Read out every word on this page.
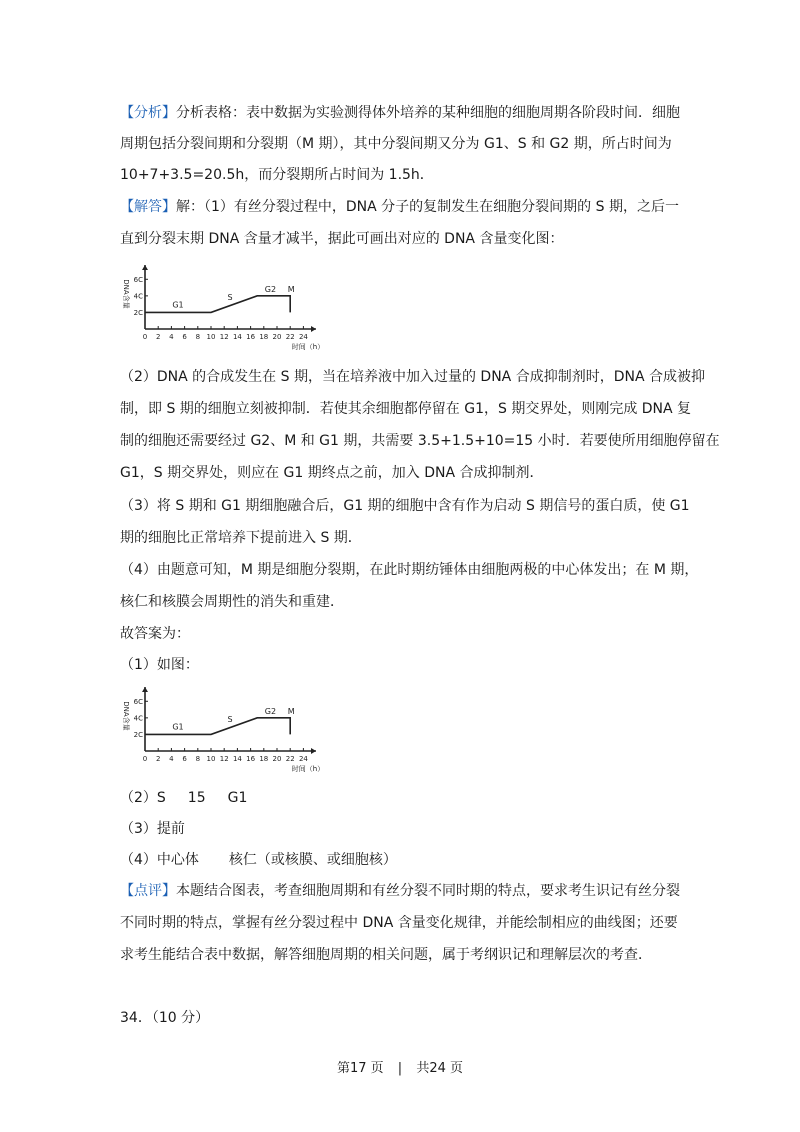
【分析】分析表格：表中数据为实验测得体外培养的某种细胞的细胞周期各阶段时间．细胞
周期包括分裂间期和分裂期（M 期），其中分裂间期又分为 G1、S 和 G2 期，所占时间为
10+7+3.5=20.5h，而分裂期所占时间为 1.5h．
【解答】解：（1）有丝分裂过程中，DNA 分子的复制发生在细胞分裂间期的 S 期，之后一
直到分裂末期 DNA 含量才减半，据此可画出对应的 DNA 含量变化图：
0 2 4 6 8 10 12 14 16 18 20 22 24
2C
4C
6C
DNA含量
时间（h）
G1
S
G2 M
（2）DNA 的合成发生在 S 期，当在培养液中加入过量的 DNA 合成抑制剂时，DNA 合成被抑
制，即 S 期的细胞立刻被抑制．若使其余细胞都停留在 G1，S 期交界处，则刚完成 DNA 复
制的细胞还需要经过 G2、M 和 G1 期，共需要 3.5+1.5+10=15 小时．若要使所用细胞停留在
G1，S 期交界处，则应在 G1 期终点之前，加入 DNA 合成抑制剂．
（3）将 S 期和 G1 期细胞融合后，G1 期的细胞中含有作为启动 S 期信号的蛋白质，使 G1
期的细胞比正常培养下提前进入 S 期．
（4）由题意可知，M 期是细胞分裂期，在此时期纺锤体由细胞两极的中心体发出；在 M 期，
核仁和核膜会周期性的消失和重建．
故答案为：
（1）如图：
0 2 4 6 8 10 12 14 16 18 20 22 24
2C
4C
6C
DNA含量
时间（h）
G1
S
G2 M
（2）S 15 G1
（3）提前
（4）中心体 核仁（或核膜、或细胞核）
【点评】本题结合图表，考查细胞周期和有丝分裂不同时期的特点，要求考生识记有丝分裂
不同时期的特点，掌握有丝分裂过程中 DNA 含量变化规律，并能绘制相应的曲线图；还要
求考生能结合表中数据，解答细胞周期的相关问题，属于考纲识记和理解层次的考查．
34．（10 分）
第17 页 | 共24 页
